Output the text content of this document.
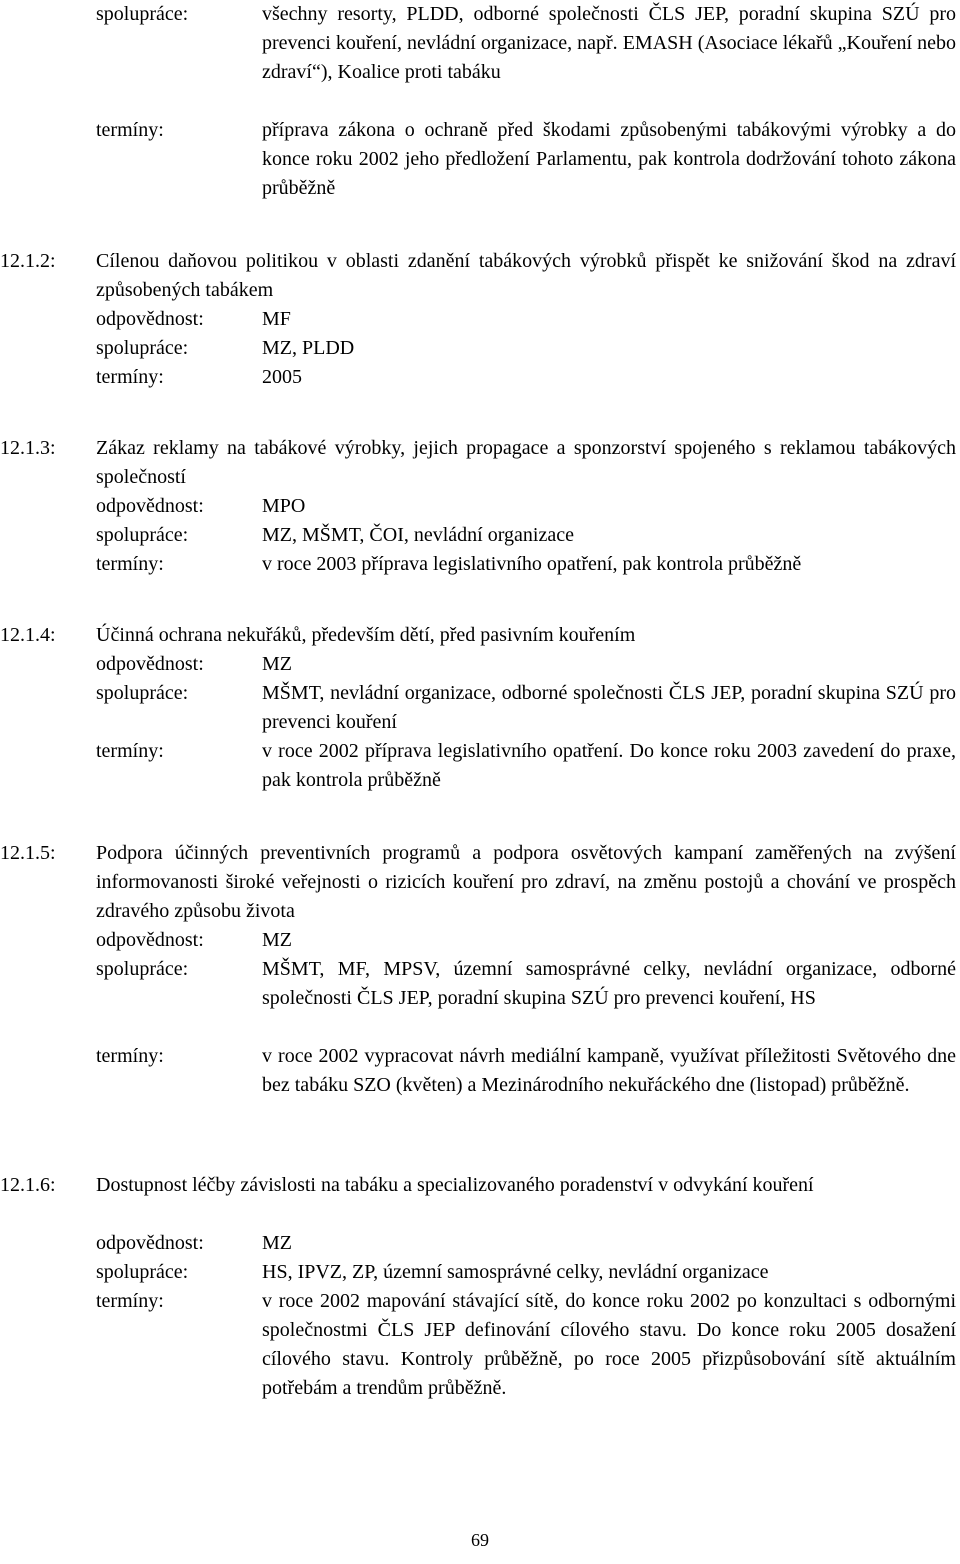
spolupráce:	všechny resorty, PLDD, odborné společnosti ČLS JEP, poradní skupina SZÚ pro prevenci kouření, nevládní organizace, např. EMASH (Asociace lékařů „Kouření nebo zdraví“), Koalice proti tabáku
termíny:	příprava zákona o ochraně před škodami způsobenými tabákovými výrobky a do konce roku 2002 jeho předložení Parlamentu, pak kontrola dodržování tohoto zákona průběžně
12.1.2: Cílenou daňovou politikou v oblasti zdanění tabákových výrobků přispět ke snižování škod na zdraví způsobených tabákem
odpovědnost:	MF
spolupráce:	MZ, PLDD
termíny:	2005
12.1.3: Zákaz reklamy na tabákové výrobky, jejich propagace a sponzorství spojeného s reklamou tabákových společností
odpovědnost:	MPO
spolupráce:	MZ, MŠMT, ČOI, nevládní organizace
termíny:	v roce 2003 příprava legislativního opatření, pak kontrola průběžně
12.1.4: Účinná ochrana nekuřáků, především dětí, před pasivním kouřením
odpovědnost:	MZ
spolupráce:	MŠMT, nevládní organizace, odborné společnosti ČLS JEP, poradní skupina SZÚ pro prevenci kouření
termíny:	v roce 2002 příprava legislativního opatření. Do konce roku 2003 zavedení do praxe, pak kontrola průběžně
12.1.5: Podpora účinných preventivních programů a podpora osvětových kampaní zaměřených na zvýšení informovanosti široké veřejnosti o rizicích kouření pro zdraví, na změnu postojů a chování ve prospěch zdravého způsobu života
odpovědnost:	MZ
spolupráce:	MŠMT, MF, MPSV, územní samosprávné celky, nevládní organizace, odborné společnosti ČLS JEP, poradní skupina SZÚ pro prevenci kouření, HS
termíny:	v roce 2002 vypracovat návrh mediální kampaně, využívat příležitosti Světového dne bez tabáku SZO (květen) a Mezinárodního nekuřáckého dne (listopad) průběžně.
12.1.6: Dostupnost léčby závislosti na tabáku a specializovaného poradenství v odvykání kouření
odpovědnost:	MZ
spolupráce:	HS, IPVZ, ZP, územní samosprávné celky, nevládní organizace
termíny:	v roce 2002 mapování stávající sítě, do konce roku 2002 po konzultaci s odbornými společnostmi ČLS JEP definování cílového stavu. Do konce roku 2005 dosažení cílového stavu. Kontroly průběžně, po roce 2005 přizpůsobování sítě aktuálním potřebám a trendům průběžně.
69
